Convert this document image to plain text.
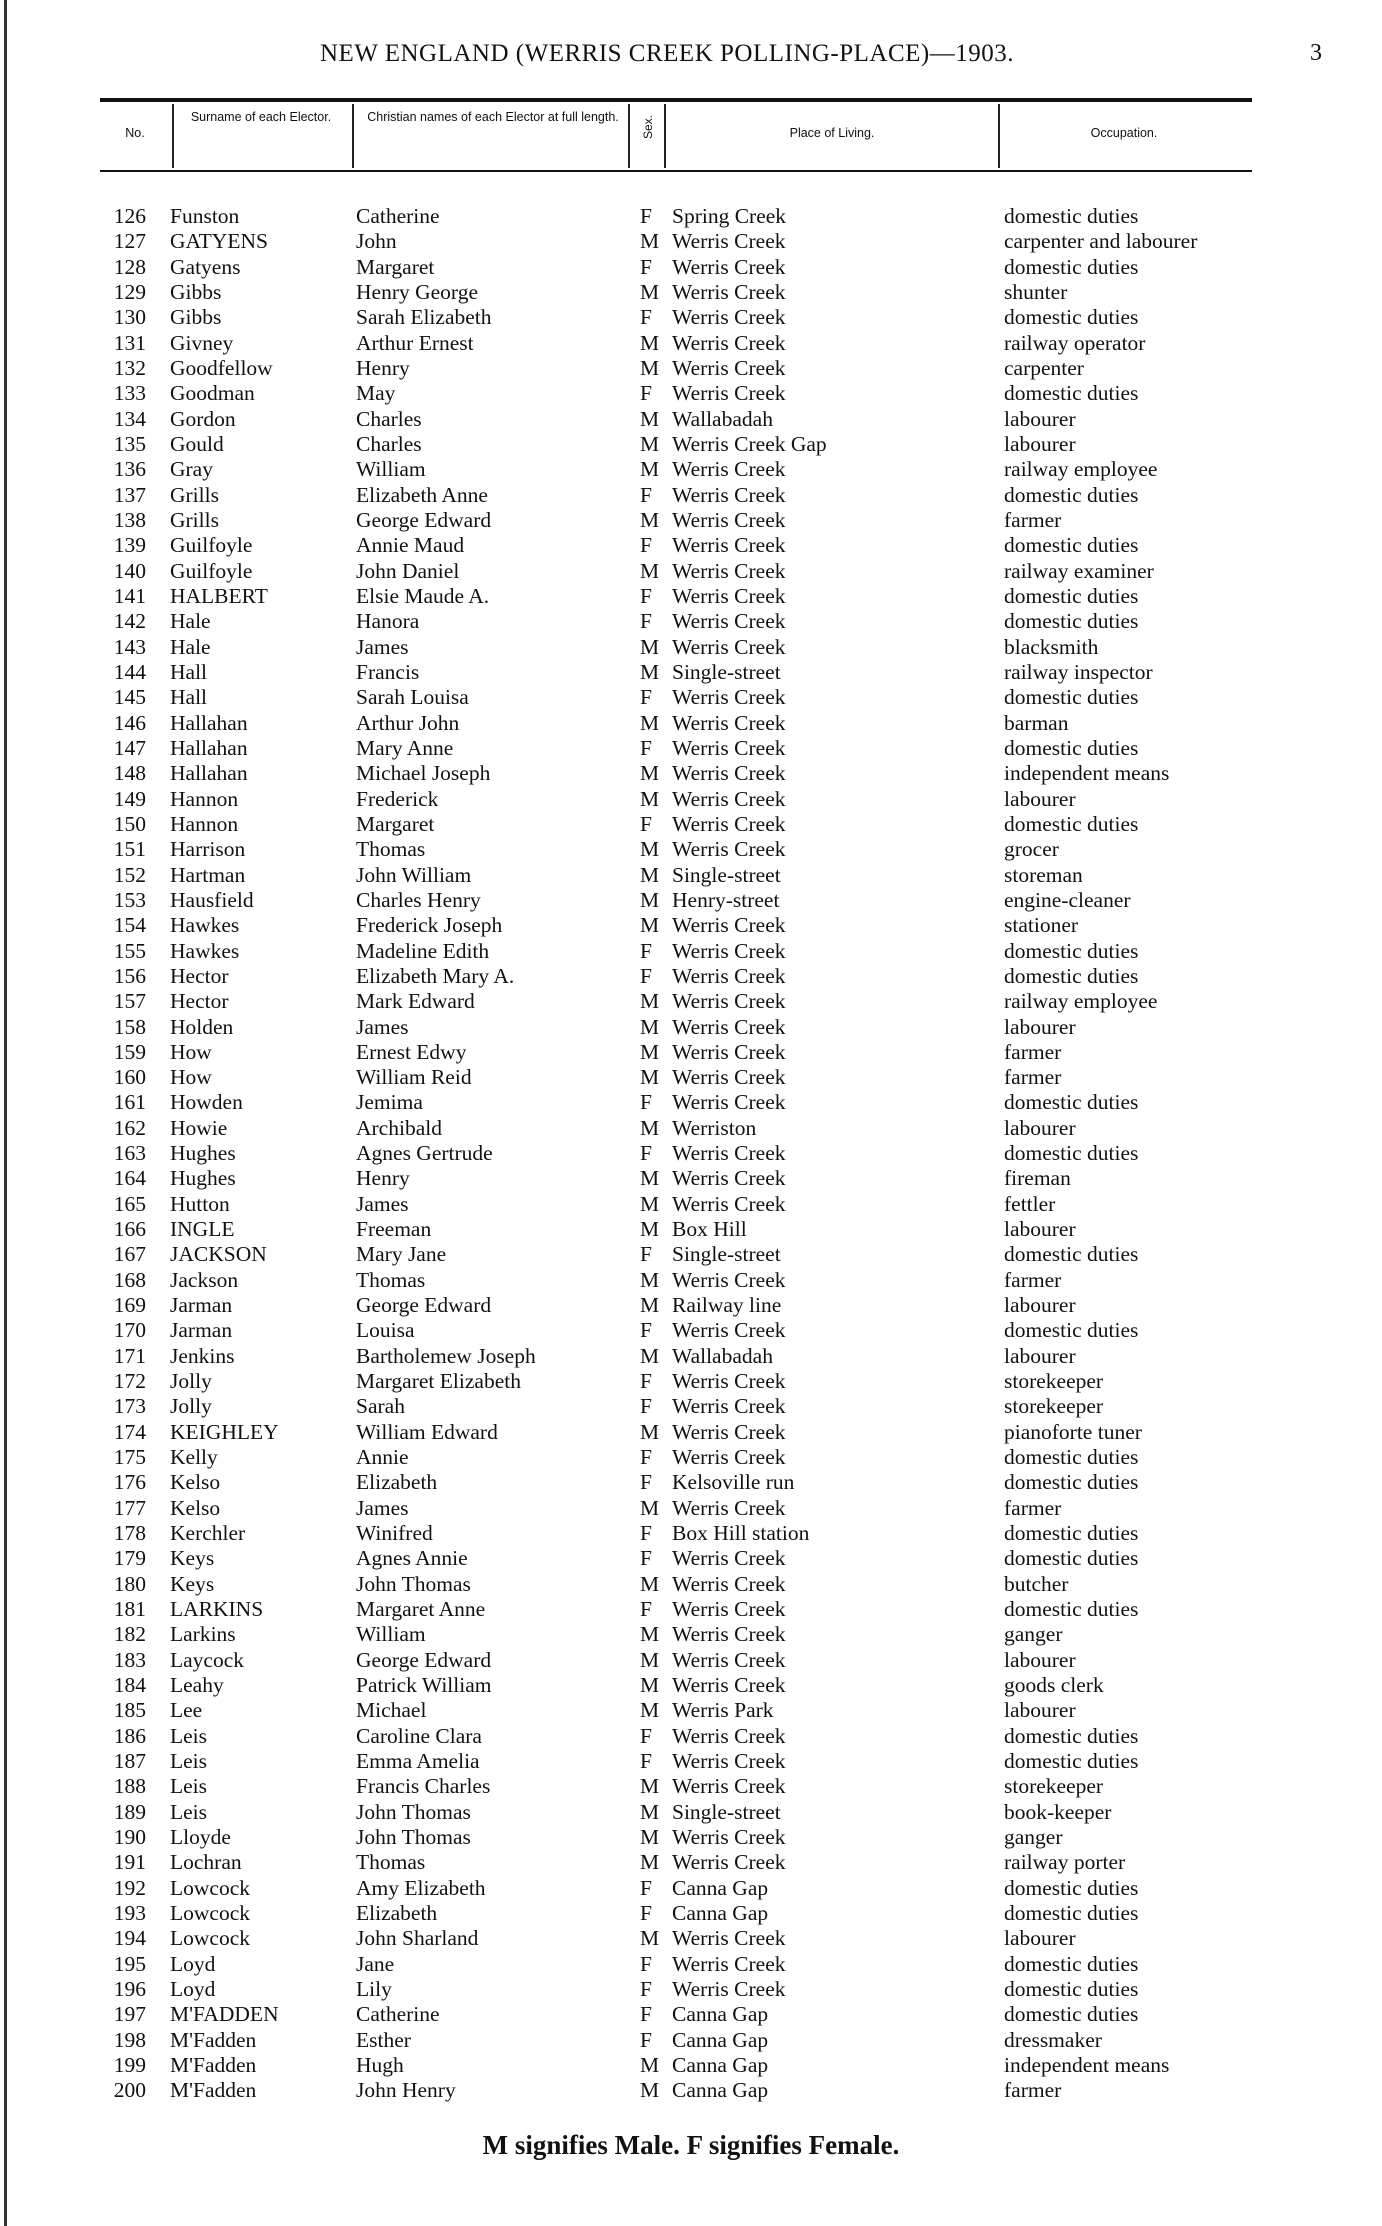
NEW ENGLAND (WERRIS CREEK POLLING-PLACE)—1903.	3
No.
Surname of each Elector.	Christian names of each Elector at full length. Sex.	Place of Living.	Occupation.
126 Funston	Catherine	F Spring Creek	domestic duties
127 GATYENS	John	M Werris Creek	carpenter and labourer
128 Gatyens	Margaret	F Werris Creek	domestic duties
129 Gibbs	Henry George	M Werris Creek	shunter
130 Gibbs	Sarah Elizabeth	F Werris Creek	domestic duties
131 Givney	Arthur Ernest	M Werris Creek	railway operator
132 Goodfellow	Henry	M Werris Creek	carpenter
133 Goodman	May	F Werris Creek	domestic duties
134 Gordon	Charles	M Wallabadah	labourer
135 Gould	Charles	M Werris Creek Gap	labourer
136 Gray	William	M Werris Creek	railway employee
137 Grills	Elizabeth Anne	F Werris Creek	domestic duties
138 Grills	George Edward	M Werris Creek	farmer
139 Guilfoyle	Annie Maud	F Werris Creek	domestic duties
140 Guilfoyle	John Daniel	M Werris Creek	railway examiner
141 HALBERT	Elsie Maude A.	F Werris Creek	domestic duties
142 Hale	Hanora	F Werris Creek	domestic duties
143 Hale	James	M Werris Creek	blacksmith
144 Hall	Francis	M Single-street	railway inspector
145 Hall	Sarah Louisa	F Werris Creek	domestic duties
146 Hallahan	Arthur John	M Werris Creek	barman
147 Hallahan	Mary Anne	F Werris Creek	domestic duties
148 Hallahan	Michael Joseph	M Werris Creek	independent means
149 Hannon	Frederick	M Werris Creek	labourer
150 Hannon	Margaret	F Werris Creek	domestic duties
151 Harrison	Thomas	M Werris Creek	grocer
152 Hartman	John William	M Single-street	storeman
153 Hausfield	Charles Henry	M Henry-street	engine-cleaner
154 Hawkes	Frederick Joseph	M Werris Creek	stationer
155 Hawkes	Madeline Edith	F Werris Creek	domestic duties
156 Hector	Elizabeth Mary A.	F Werris Creek	domestic duties
157 Hector	Mark Edward	M Werris Creek	railway employee
158 Holden	James	M Werris Creek	labourer
159 How	Ernest Edwy	M Werris Creek	farmer
160 How	William Reid	M Werris Creek	farmer
161 Howden	Jemima	F Werris Creek	domestic duties
162 Howie	Archibald	M Werriston	labourer
163 Hughes	Agnes Gertrude	F Werris Creek	domestic duties
164 Hughes	Henry	M Werris Creek	fireman
165 Hutton	James	M Werris Creek	fettler
166 INGLE	Freeman	M Box Hill	labourer
167 JACKSON	Mary Jane	F Single-street	domestic duties
168 Jackson	Thomas	M Werris Creek	farmer
169 Jarman	George Edward	M Railway line	labourer
170 Jarman	Louisa	F Werris Creek	domestic duties
171 Jenkins	Bartholemew Joseph	M Wallabadah	labourer
172 Jolly	Margaret Elizabeth	F Werris Creek	storekeeper
173 Jolly	Sarah	F Werris Creek	storekeeper
174 KEIGHLEY	William Edward	M Werris Creek	pianoforte tuner
175 Kelly	Annie	F Werris Creek	domestic duties
176 Kelso	Elizabeth	F Kelsoville run	domestic duties
177 Kelso	James	M Werris Creek	farmer
178 Kerchler	Winifred	F Box Hill station	domestic duties
179 Keys	Agnes Annie	F Werris Creek	domestic duties
180 Keys	John Thomas	M Werris Creek	butcher
181 LARKINS	Margaret Anne	F Werris Creek	domestic duties
182 Larkins	William	M Werris Creek	ganger
183 Laycock	George Edward	M Werris Creek	labourer
184 Leahy	Patrick William	M Werris Creek	goods clerk
185 Lee	Michael	M Werris Park	labourer
186 Leis	Caroline Clara	F Werris Creek	domestic duties
187 Leis	Emma Amelia	F Werris Creek	domestic duties
188 Leis	Francis Charles	M Werris Creek	storekeeper
189 Leis	John Thomas	M Single-street	book-keeper
190 Lloyde	John Thomas	M Werris Creek	ganger
191 Lochran	Thomas	M Werris Creek	railway porter
192 Lowcock	Amy Elizabeth	F Canna Gap	domestic duties
193 Lowcock	Elizabeth	F Canna Gap	domestic duties
194 Lowcock	John Sharland	M Werris Creek	labourer
195 Loyd	Jane	F Werris Creek	domestic duties
196 Loyd	Lily	F Werris Creek	domestic duties
197 M'FADDEN	Catherine	F Canna Gap	domestic duties
198 M'Fadden	Esther	F Canna Gap	dressmaker
199 M'Fadden	Hugh	M Canna Gap	independent means
200 M'Fadden	John Henry	M Canna Gap	farmer
M signifies Male. F signifies Female.
